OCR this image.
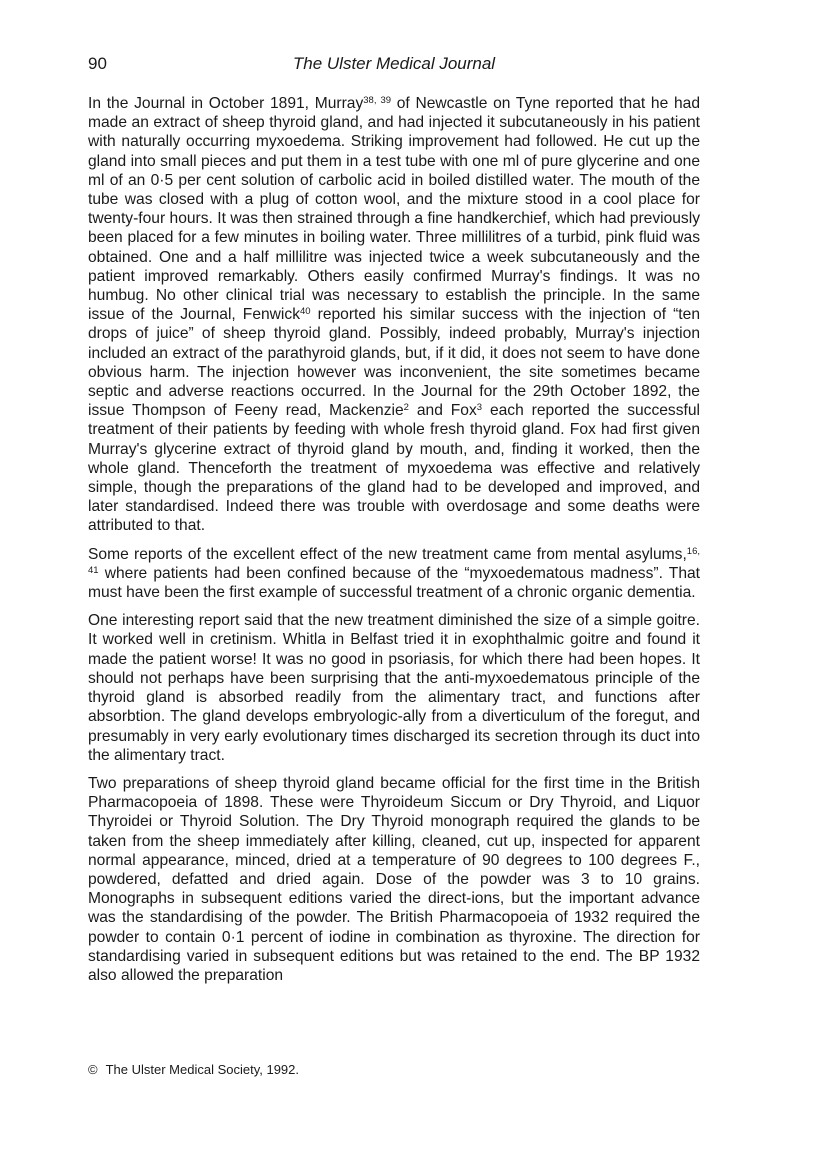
90	The Ulster Medical Journal

In the Journal in October 1891, Murray$^{38, 39}$ of Newcastle on Tyne reported that he had made an extract of sheep thyroid gland, and had injected it subcutaneously in his patient with naturally occurring myxoedema. Striking improvement had followed. He cut up the gland into small pieces and put them in a test tube with one ml of pure glycerine and one ml of an 0·5 per cent solution of carbolic acid in boiled distilled water. The mouth of the tube was closed with a plug of cotton wool, and the mixture stood in a cool place for twenty-four hours. It was then strained through a fine handkerchief, which had previously been placed for a few minutes in boiling water. Three millilitres of a turbid, pink fluid was obtained. One and a half millilitre was injected twice a week subcutaneously and the patient improved remarkably. Others easily confirmed Murray's findings. It was no humbug. No other clinical trial was necessary to establish the principle. In the same issue of the Journal, Fenwick$^{40}$ reported his similar success with the injection of “ten drops of juice” of sheep thyroid gland. Possibly, indeed probably, Murray's injection included an extract of the parathyroid glands, but, if it did, it does not seem to have done obvious harm. The injection however was inconvenient, the site sometimes became septic and adverse reactions occurred. In the Journal for the 29th October 1892, the issue Thompson of Feeny read, Mackenzie$^2$ and Fox$^3$ each reported the successful treatment of their patients by feeding with whole fresh thyroid gland. Fox had first given Murray's glycerine extract of thyroid gland by mouth, and, finding it worked, then the whole gland. Thenceforth the treatment of myxoedema was effective and relatively simple, though the preparations of the gland had to be developed and improved, and later standardised. Indeed there was trouble with overdosage and some deaths were attributed to that.

Some reports of the excellent effect of the new treatment came from mental asylums,$^{16, 41}$ where patients had been confined because of the “myxoedematous madness”. That must have been the first example of successful treatment of a chronic organic dementia.

One interesting report said that the new treatment diminished the size of a simple goitre. It worked well in cretinism. Whitla in Belfast tried it in exophthalmic goitre and found it made the patient worse! It was no good in psoriasis, for which there had been hopes. It should not perhaps have been surprising that the anti-myxoedematous principle of the thyroid gland is absorbed readily from the alimentary tract, and functions after absorbtion. The gland develops embryologic-ally from a diverticulum of the foregut, and presumably in very early evolutionary times discharged its secretion through its duct into the alimentary tract.

Two preparations of sheep thyroid gland became official for the first time in the British Pharmacopoeia of 1898. These were Thyroideum Siccum or Dry Thyroid, and Liquor Thyroidei or Thyroid Solution. The Dry Thyroid monograph required the glands to be taken from the sheep immediately after killing, cleaned, cut up, inspected for apparent normal appearance, minced, dried at a temperature of 90 degrees to 100 degrees F., powdered, defatted and dried again. Dose of the powder was 3 to 10 grains. Monographs in subsequent editions varied the direct-ions, but the important advance was the standardising of the powder. The British Pharmacopoeia of 1932 required the powder to contain 0·1 percent of iodine in combination as thyroxine. The direction for standardising varied in subsequent editions but was retained to the end. The BP 1932 also allowed the preparation

© The Ulster Medical Society, 1992.
